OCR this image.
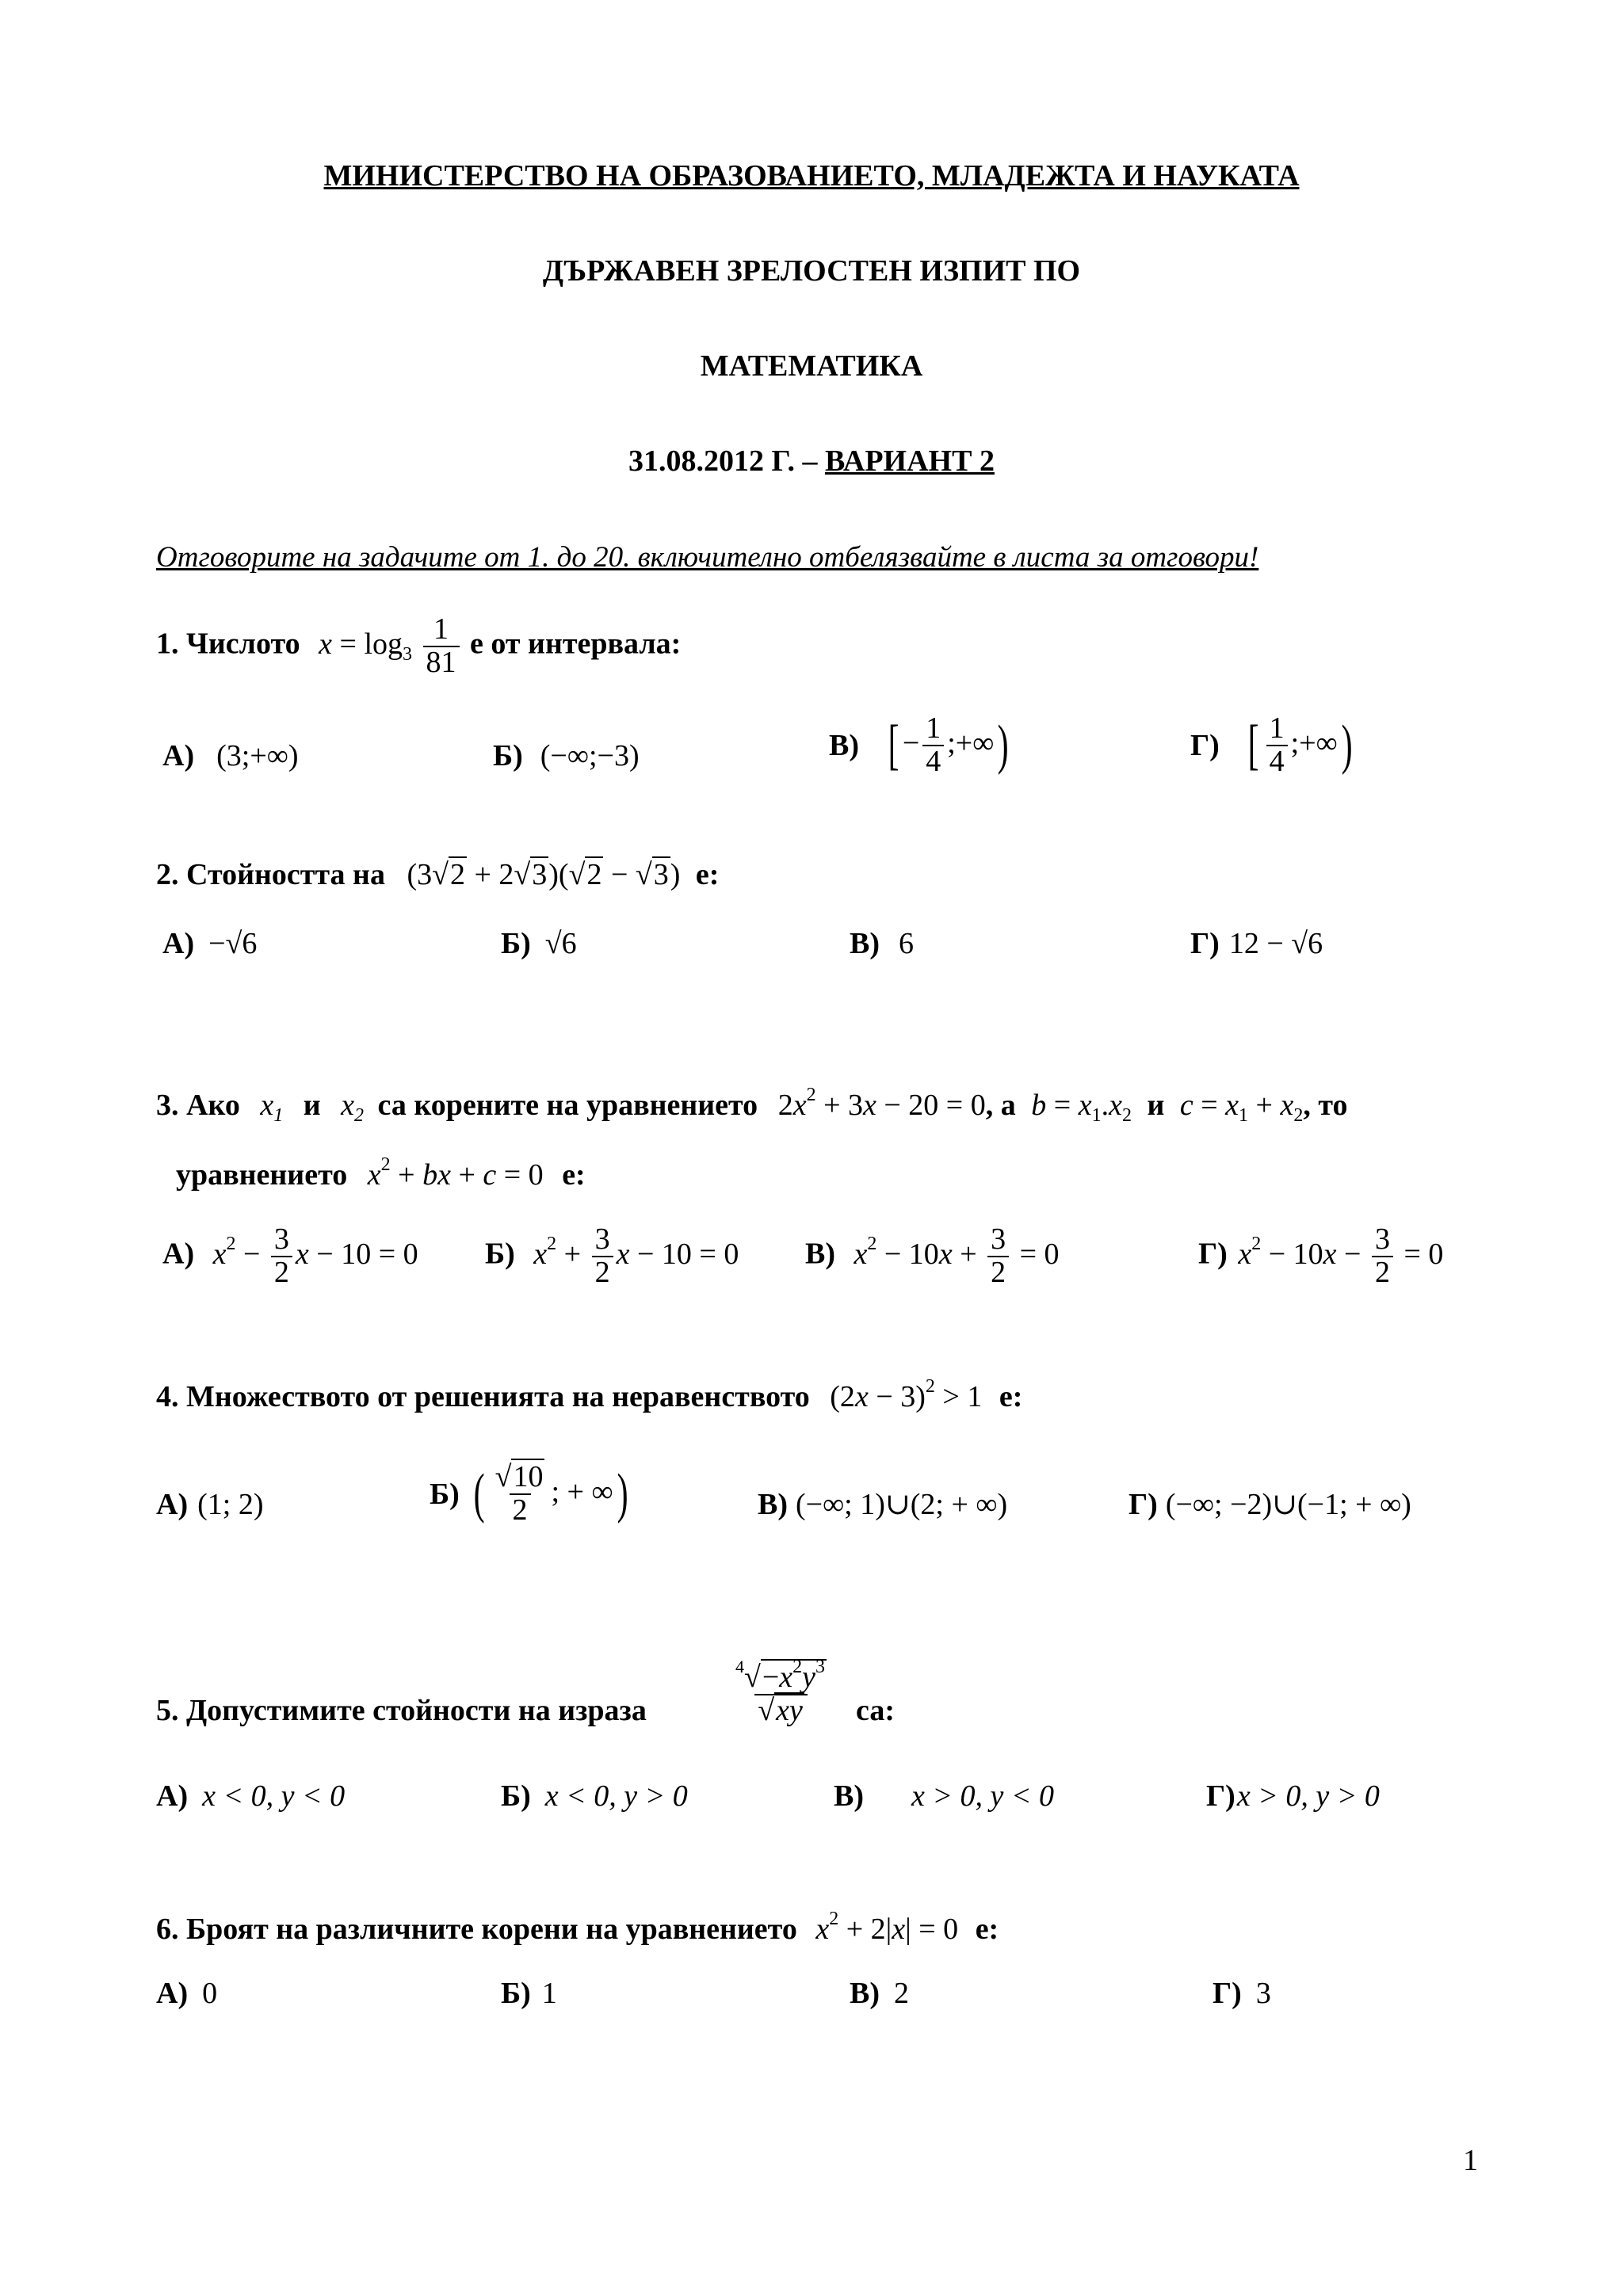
МИНИСТЕРСТВО НА ОБРАЗОВАНИЕТО, МЛАДЕЖТА И НАУКАТА
ДЪРЖАВЕН ЗРЕЛОСТЕН ИЗПИТ ПО
МАТЕМАТИКА
31.08.2012 Г. – ВАРИАНТ 2
Отговорите на задачите от 1. до 20. включително отбелязвайте в листа за отговори!
1. Числото $x = \log_3 \frac{1}{81}$ е от интервала:
А) (3;+∞)	Б) (−∞;−3)	В) [ − $\frac{1}{4}$ ;+∞)	Г) [ $\frac{1}{4}$ ;+∞)
2. Стойността на (3√2 + 2√3)(√2 − √3) е:
А) −√6	Б) √6	В) 6	Г) 12 − √6
3. Ако $x_1$ и $x_2$ са корените на уравнението $2x^2 + 3x - 20 = 0$, а $b = x_1.x_2$ и $c = x_1 + x_2$, то
уравнението $x^2$ + bx + c = 0 е:
А) $x^2 - \frac{3}{2}$ x − 10 = 0 Б) $x^2 + \frac{3}{2}$ x − 10 = 0 В) $x^2 - 10x + \frac{3}{2} = 0$	Г) $x^2 - 10x - \frac{3}{2} = 0$
4. Множеството от решенията на неравенството $(2x - 3)^2 > 1$ е:
А) (1; 2)	Б) ( $\frac{√10}{2}$ ; + ∞)	В) (−∞; 1)∪(2; + ∞)	Г) (−∞; −2)∪(−1; + ∞)
5. Допустимите стойности на израза	$\frac{^4√-x^2y^3}{√xy}$ са:
А) x < 0, y < 0	Б) x < 0, y > 0	В) x > 0, y < 0	Г)x > 0, y > 0
6. Броят на различните корени на уравнението $x^2 + 2|x| = 0$ е:
А) 0	Б) 1	В) 2	Г) 3
1
